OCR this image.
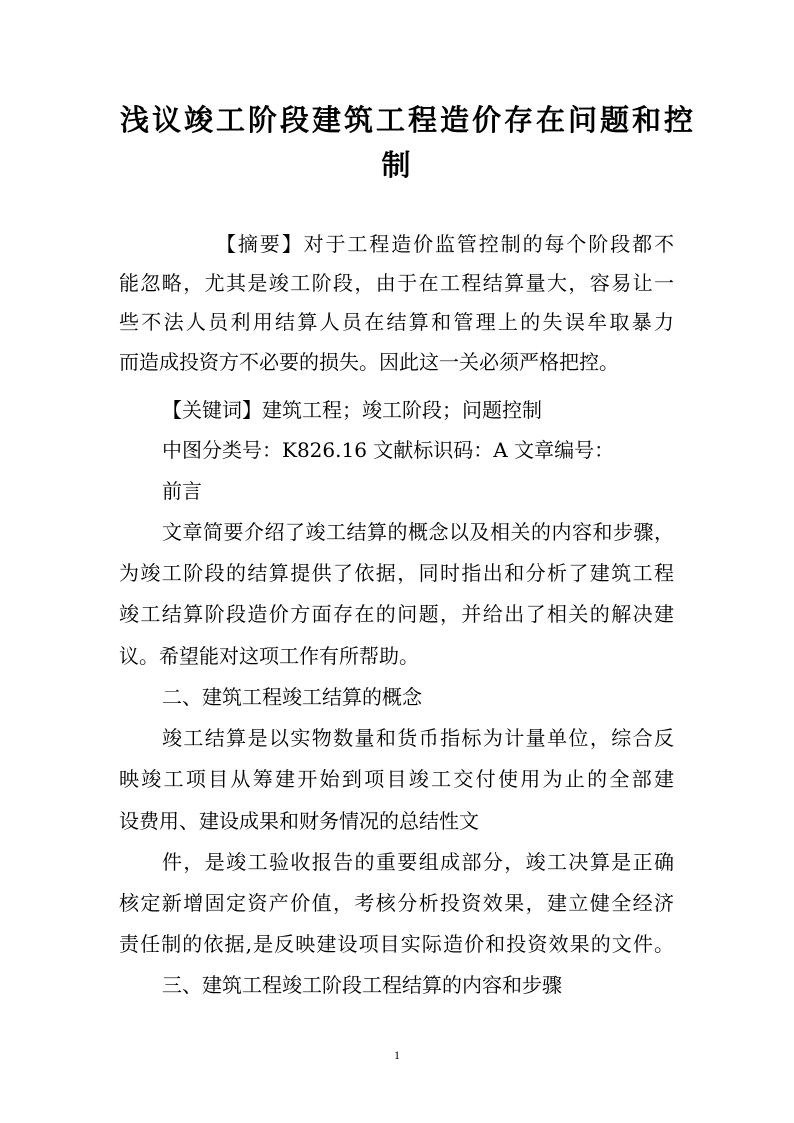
浅议竣工阶段建筑工程造价存在问题和控
制
【摘要】对于工程造价监管控制的每个阶段都不
能忽略，尤其是竣工阶段，由于在工程结算量大，容易让一
些不法人员利用结算人员在结算和管理上的失误牟取暴力
而造成投资方不必要的损失。因此这一关必须严格把控。
【关键词】建筑工程；竣工阶段；问题控制
中图分类号：K826.16 文献标识码：A 文章编号：
前言
文章简要介绍了竣工结算的概念以及相关的内容和步骤，
为竣工阶段的结算提供了依据，同时指出和分析了建筑工程
竣工结算阶段造价方面存在的问题，并给出了相关的解决建
议。希望能对这项工作有所帮助。
二、建筑工程竣工结算的概念
竣工结算是以实物数量和货币指标为计量单位，综合反
映竣工项目从筹建开始到项目竣工交付使用为止的全部建
设费用、建设成果和财务情况的总结性文
件，是竣工验收报告的重要组成部分，竣工决算是正确
核定新增固定资产价值，考核分析投资效果，建立健全经济
责任制的依据,是反映建设项目实际造价和投资效果的文件。
三、建筑工程竣工阶段工程结算的内容和步骤
1
